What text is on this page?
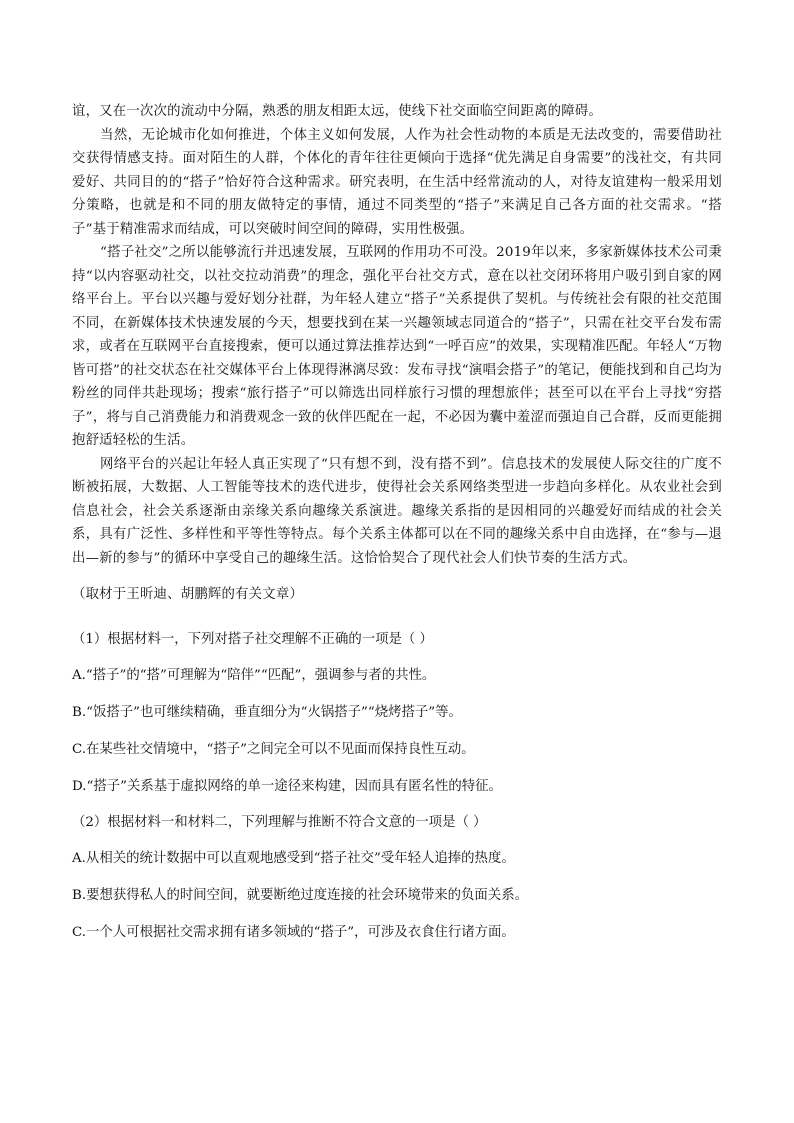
谊，又在一次次的流动中分隔，熟悉的朋友相距太远，使线下社交面临空间距离的障碍。

当然，无论城市化如何推进，个体主义如何发展，人作为社会性动物的本质是无法改变的，需要借助社交获得情感支持。面对陌生的人群，个体化的青年往往更倾向于选择“优先满足自身需要”的浅社交，有共同爱好、共同目的的“搭子”恰好符合这种需求。研究表明，在生活中经常流动的人，对待友谊建构一般采用划分策略，也就是和不同的朋友做特定的事情，通过不同类型的“搭子”来满足自己各方面的社交需求。“搭子”基于精准需求而结成，可以突破时间空间的障碍，实用性极强。

“搭子社交”之所以能够流行并迅速发展，互联网的作用功不可没。2019年以来，多家新媒体技术公司秉持“以内容驱动社交，以社交拉动消费”的理念，强化平台社交方式，意在以社交闭环将用户吸引到自家的网络平台上。平台以兴趣与爱好划分社群，为年轻人建立“搭子”关系提供了契机。与传统社会有限的社交范围不同，在新媒体技术快速发展的今天，想要找到在某一兴趣领域志同道合的“搭子”，只需在社交平台发布需求，或者在互联网平台直接搜索，便可以通过算法推荐达到“一呼百应”的效果，实现精准匹配。年轻人“万物皆可搭”的社交状态在社交媒体平台上体现得淋漓尽致：发布寻找“演唱会搭子”的笔记，便能找到和自己均为粉丝的同伴共赴现场；搜索“旅行搭子”可以筛选出同样旅行习惯的理想旅伴；甚至可以在平台上寻找“穷搭子”，将与自己消费能力和消费观念一致的伙伴匹配在一起，不必因为囊中羞涩而强迫自己合群，反而更能拥抱舒适轻松的生活。

网络平台的兴起让年轻人真正实现了“只有想不到，没有搭不到”。信息技术的发展使人际交往的广度不断被拓展，大数据、人工智能等技术的迭代进步，使得社会关系网络类型进一步趋向多样化。从农业社会到信息社会，社会关系逐渐由亲缘关系向趣缘关系演进。趣缘关系指的是因相同的兴趣爱好而结成的社会关系，具有广泛性、多样性和平等性等特点。每个关系主体都可以在不同的趣缘关系中自由选择，在“参与—退出—新的参与”的循环中享受自己的趣缘生活。这恰恰契合了现代社会人们快节奏的生活方式。

（取材于王昕迪、胡鹏辉的有关文章）

（1）根据材料一，下列对搭子社交理解不正确的一项是（ ）

A.“搭子”的“搭”可理解为“陪伴”“匹配”，强调参与者的共性。

B.“饭搭子”也可继续精确，垂直细分为“火锅搭子”“烧烤搭子”等。

C.在某些社交情境中，“搭子”之间完全可以不见面而保持良性互动。

D.“搭子”关系基于虚拟网络的单一途径来构建，因而具有匿名性的特征。

（2）根据材料一和材料二，下列理解与推断不符合文意的一项是（ ）

A.从相关的统计数据中可以直观地感受到“搭子社交”受年轻人追捧的热度。

B.要想获得私人的时间空间，就要断绝过度连接的社会环境带来的负面关系。

C.一个人可根据社交需求拥有诸多领域的“搭子”，可涉及衣食住行诸方面。
